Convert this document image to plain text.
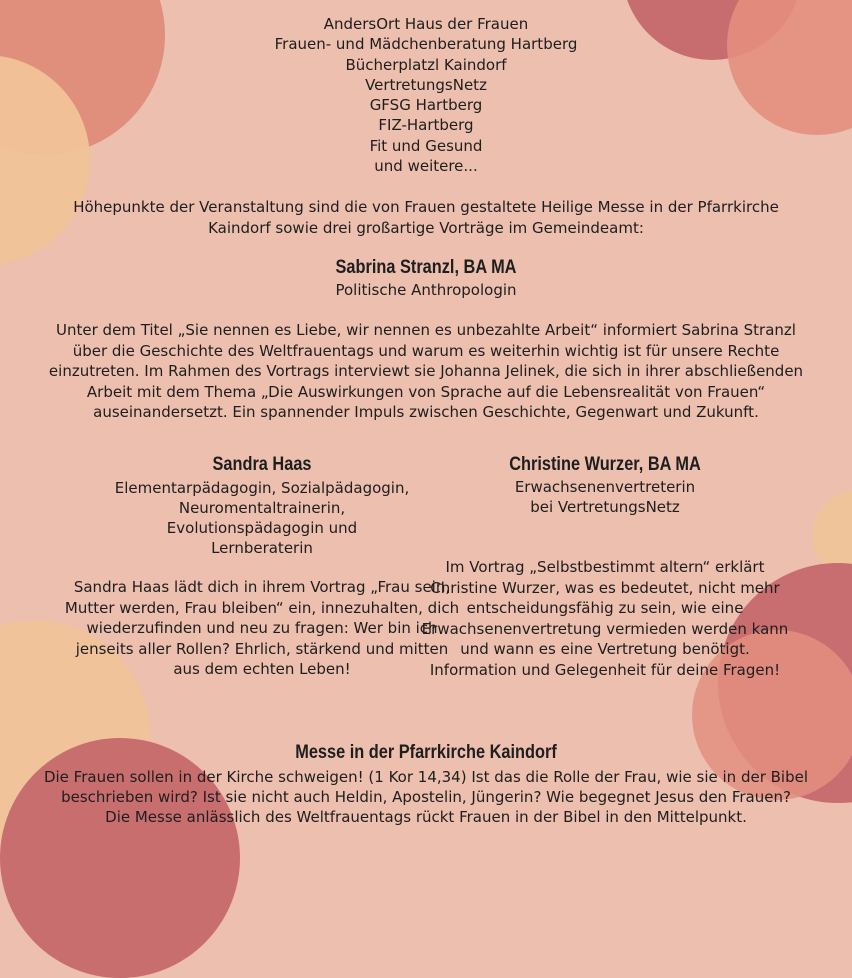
AndersOrt Haus der Frauen
Frauen- und Mädchenberatung Hartberg
Bücherplatzl Kaindorf
VertretungsNetz
GFSG Hartberg
FIZ-Hartberg
Fit und Gesund
und weitere...
Höhepunkte der Veranstaltung sind die von Frauen gestaltete Heilige Messe in der Pfarrkirche Kaindorf sowie drei großartige Vorträge im Gemeindeamt:
Sabrina Stranzl, BA MA
Politische Anthropologin
Unter dem Titel „Sie nennen es Liebe, wir nennen es unbezahlte Arbeit“ informiert Sabrina Stranzl über die Geschichte des Weltfrauentags und warum es weiterhin wichtig ist für unsere Rechte einzutreten. Im Rahmen des Vortrags interviewt sie Johanna Jelinek, die sich in ihrer abschließenden Arbeit mit dem Thema „Die Auswirkungen von Sprache auf die Lebensrealität von Frauen“ auseinandersetzt. Ein spannender Impuls zwischen Geschichte, Gegenwart und Zukunft.
Sandra Haas
Elementarpädagogin, Sozialpädagogin,
Neuromentaltrainerin,
Evolutionspädagogin und
Lernberaterin
Sandra Haas lädt dich in ihrem Vortrag „Frau sein, Mutter werden, Frau bleiben“ ein, innezuhalten, dich wiederzufinden und neu zu fragen: Wer bin ich jenseits aller Rollen? Ehrlich, stärkend und mitten aus dem echten Leben!
Christine Wurzer, BA MA
Erwachsenenvertreterin
bei VertretungsNetz
Im Vortrag „Selbstbestimmt altern“ erklärt Christine Wurzer, was es bedeutet, nicht mehr entscheidungsfähig zu sein, wie eine Erwachsenenvertretung vermieden werden kann und wann es eine Vertretung benötigt. Information und Gelegenheit für deine Fragen!
Messe in der Pfarrkirche Kaindorf
Die Frauen sollen in der Kirche schweigen! (1 Kor 14,34) Ist das die Rolle der Frau, wie sie in der Bibel beschrieben wird? Ist sie nicht auch Heldin, Apostelin, Jüngerin? Wie begegnet Jesus den Frauen?
Die Messe anlässlich des Weltfrauentags rückt Frauen in der Bibel in den Mittelpunkt.
